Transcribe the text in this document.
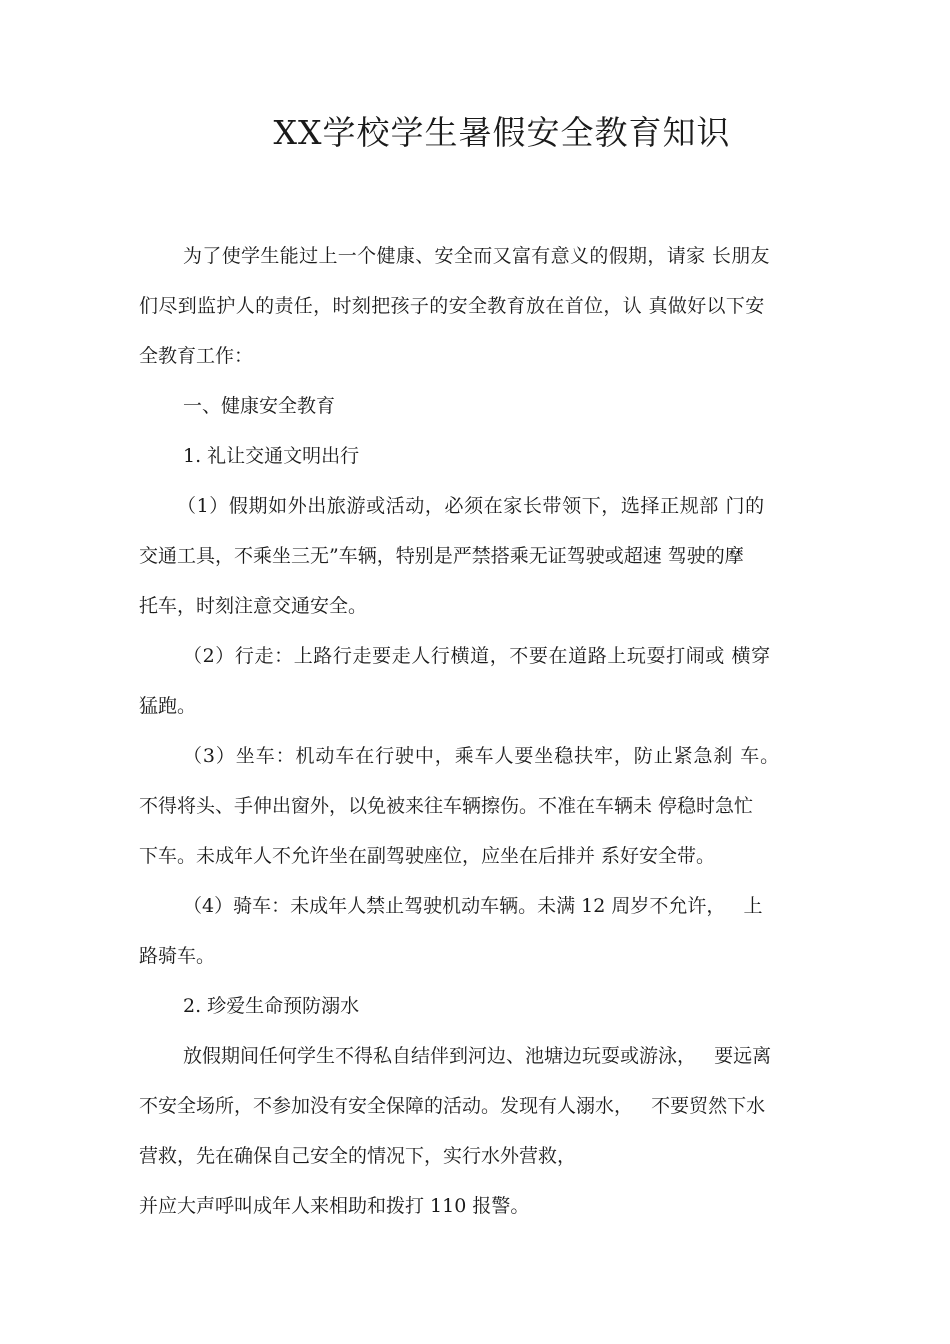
XX学校学生暑假安全教育知识
为了使学生能过上一个健康、安全而又富有意义的假期，请家 长朋友
们尽到监护人的责任，时刻把孩子的安全教育放在首位，认 真做好以下安
全教育工作：
一、健康安全教育
1. 礼让交通文明出行
（1）假期如外出旅游或活动，必须在家长带领下，选择正规部 门的
交通工具，不乘坐三无”车辆，特别是严禁搭乘无证驾驶或超速 驾驶的摩
托车，时刻注意交通安全。
（2）行走：上路行走要走人行横道，不要在道路上玩耍打闹或 横穿
猛跑。
（3）坐车：机动车在行驶中，乘车人要坐稳扶牢，防止紧急刹 车。
不得将头、手伸出窗外，以免被来往车辆擦伤。不准在车辆未 停稳时急忙
下车。未成年人不允许坐在副驾驶座位，应坐在后排并 系好安全带。
（4）骑车：未成年人禁止驾驶机动车辆。未满 12 周岁不允许，   上
路骑车。
2. 珍爱生命预防溺水
放假期间任何学生不得私自结伴到河边、池塘边玩耍或游泳，   要远离
不安全场所，不参加没有安全保障的活动。发现有人溺水，   不要贸然下水
营救，先在确保自己安全的情况下，实行水外营救，
并应大声呼叫成年人来相助和拨打 110 报警。
